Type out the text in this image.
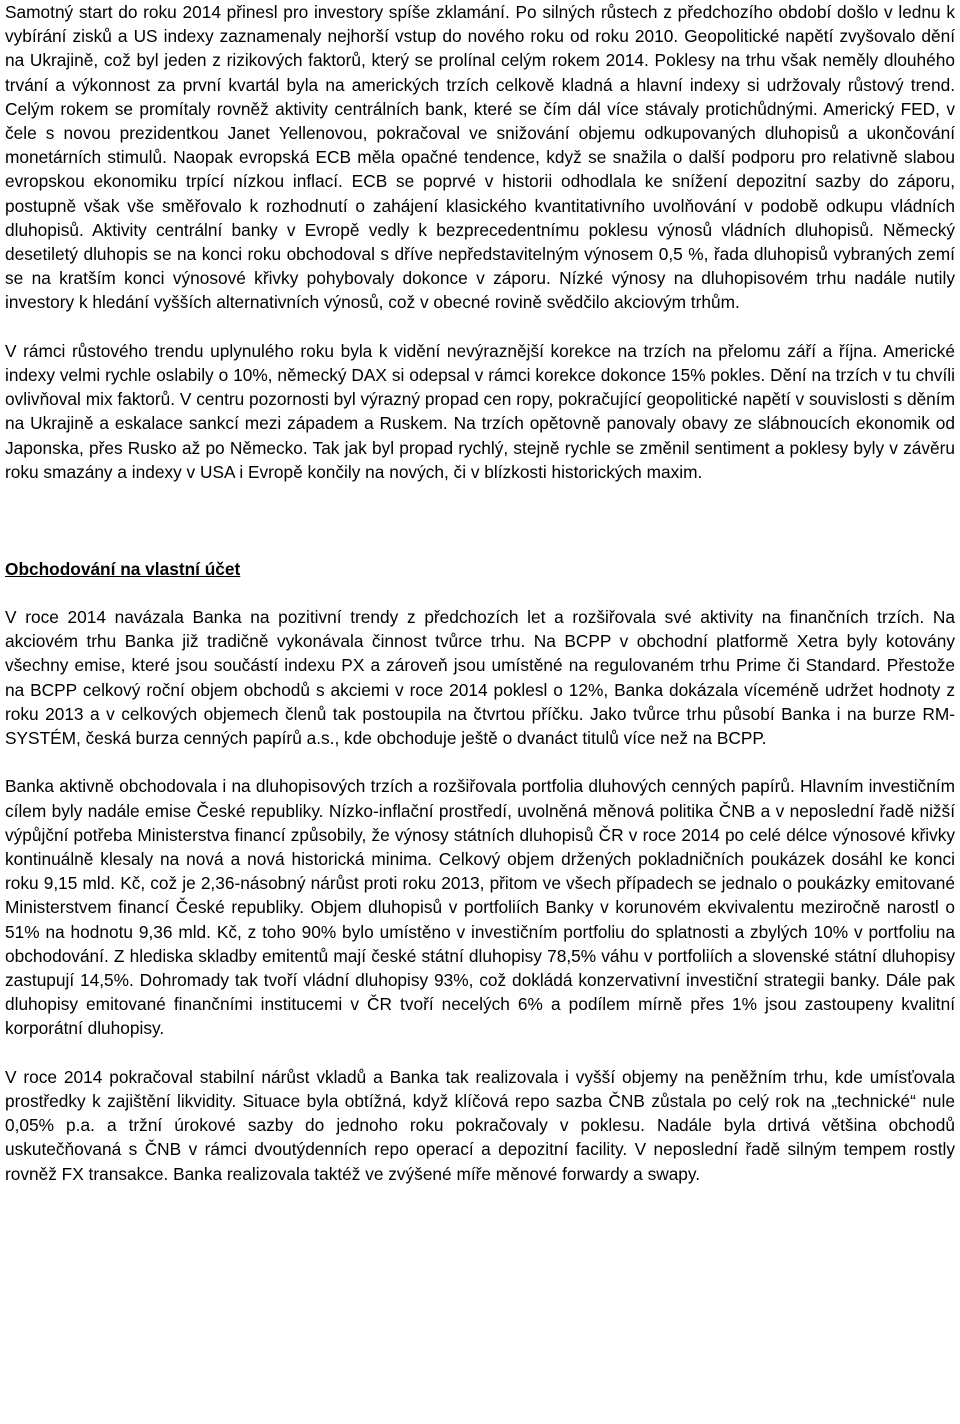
Samotný start do roku 2014 přinesl pro investory spíše zklamání. Po silných růstech z předchozího období došlo v lednu k vybírání zisků a US indexy zaznamenaly nejhorší vstup do nového roku od roku 2010. Geopolitické napětí zvyšovalo dění na Ukrajině, což byl jeden z rizikových faktorů, který se prolínal celým rokem 2014. Poklesy na trhu však neměly dlouhého trvání a výkonnost za první kvartál byla na amerických trzích celkově kladná a hlavní indexy si udržovaly růstový trend. Celým rokem se promítaly rovněž aktivity centrálních bank, které se čím dál více stávaly protichůdnými. Americký FED, v čele s novou prezidentkou Janet Yellenovou, pokračoval ve snižování objemu odkupovaných dluhopisů a ukončování monetárních stimulů. Naopak evropská ECB měla opačné tendence, když se snažila o další podporu pro relativně slabou evropskou ekonomiku trpící nízkou inflací. ECB se poprvé v historii odhodlala ke snížení depozitní sazby do záporu, postupně však vše směřovalo k rozhodnutí o zahájení klasického kvantitativního uvolňování v podobě odkupu vládních dluhopisů. Aktivity centrální banky v Evropě vedly k bezprecedentnímu poklesu výnosů vládních dluhopisů. Německý desetiletý dluhopis se na konci roku obchodoval s dříve nepředstavitelným výnosem 0,5 %, řada dluhopisů vybraných zemí se na kratším konci výnosové křivky pohybovaly dokonce v záporu. Nízké výnosy na dluhopisovém trhu nadále nutily investory k hledání vyšších alternativních výnosů, což v obecné rovině svědčilo akciovým trhům.

V rámci růstového trendu uplynulého roku byla k vidění nevýraznější korekce na trzích na přelomu září a října. Americké indexy velmi rychle oslabily o 10%, německý DAX si odepsal v rámci korekce dokonce 15% pokles. Dění na trzích v tu chvíli ovlivňoval mix faktorů. V centru pozornosti byl výrazný propad cen ropy, pokračující geopolitické napětí v souvislosti s děním na Ukrajině a eskalace sankcí mezi západem a Ruskem. Na trzích opětovně panovaly obavy ze slábnoucích ekonomik od Japonska, přes Rusko až po Německo. Tak jak byl propad rychlý, stejně rychle se změnil sentiment a poklesy byly v závěru roku smazány a indexy v USA i Evropě končily na nových, či v blízkosti historických maxim.

Obchodování na vlastní účet

V roce 2014 navázala Banka na pozitivní trendy z předchozích let a rozšiřovala své aktivity na finančních trzích. Na akciovém trhu Banka již tradičně vykonávala činnost tvůrce trhu. Na BCPP v obchodní platformě Xetra byly kotovány všechny emise, které jsou součástí indexu PX a zároveň jsou umístěné na regulovaném trhu Prime či Standard. Přestože na BCPP celkový roční objem obchodů s akciemi v roce 2014 poklesl o 12%, Banka dokázala víceméně udržet hodnoty z roku 2013 a v celkových objemech členů tak postoupila na čtvrtou příčku. Jako tvůrce trhu působí Banka i na burze RM-SYSTÉM, česká burza cenných papírů a.s., kde obchoduje ještě o dvanáct titulů více než na BCPP.

Banka aktivně obchodovala i na dluhopisových trzích a rozšiřovala portfolia dluhových cenných papírů. Hlavním investičním cílem byly nadále emise České republiky. Nízko-inflační prostředí, uvolněná měnová politika ČNB a v neposlední řadě nižší výpůjční potřeba Ministerstva financí způsobily, že výnosy státních dluhopisů ČR v roce 2014 po celé délce výnosové křivky kontinuálně klesaly na nová a nová historická minima. Celkový objem držených pokladničních poukázek dosáhl ke konci roku 9,15 mld. Kč, což je 2,36-násobný nárůst proti roku 2013, přitom ve všech případech se jednalo o poukázky emitované Ministerstvem financí České republiky. Objem dluhopisů v portfoliích Banky v korunovém ekvivalentu meziročně narostl o 51% na hodnotu 9,36 mld. Kč, z toho 90% bylo umístěno v investičním portfoliu do splatnosti a zbylých 10% v portfoliu na obchodování. Z hlediska skladby emitentů mají české státní dluhopisy 78,5% váhu v portfoliích a slovenské státní dluhopisy zastupují 14,5%. Dohromady tak tvoří vládní dluhopisy 93%, což dokládá konzervativní investiční strategii banky. Dále pak dluhopisy emitované finančními institucemi v ČR tvoří necelých 6% a podílem mírně přes 1% jsou zastoupeny kvalitní korporátní dluhopisy.

V roce 2014 pokračoval stabilní nárůst vkladů a Banka tak realizovala i vyšší objemy na peněžním trhu, kde umísťovala prostředky k zajištění likvidity. Situace byla obtížná, když klíčová repo sazba ČNB zůstala po celý rok na „technické“ nule 0,05% p.a. a tržní úrokové sazby do jednoho roku pokračovaly v poklesu. Nadále byla drtivá většina obchodů uskutečňovaná s ČNB v rámci dvoutýdenních repo operací a depozitní facility. V neposlední řadě silným tempem rostly rovněž FX transakce. Banka realizovala taktéž ve zvýšené míře měnové forwardy a swapy.
